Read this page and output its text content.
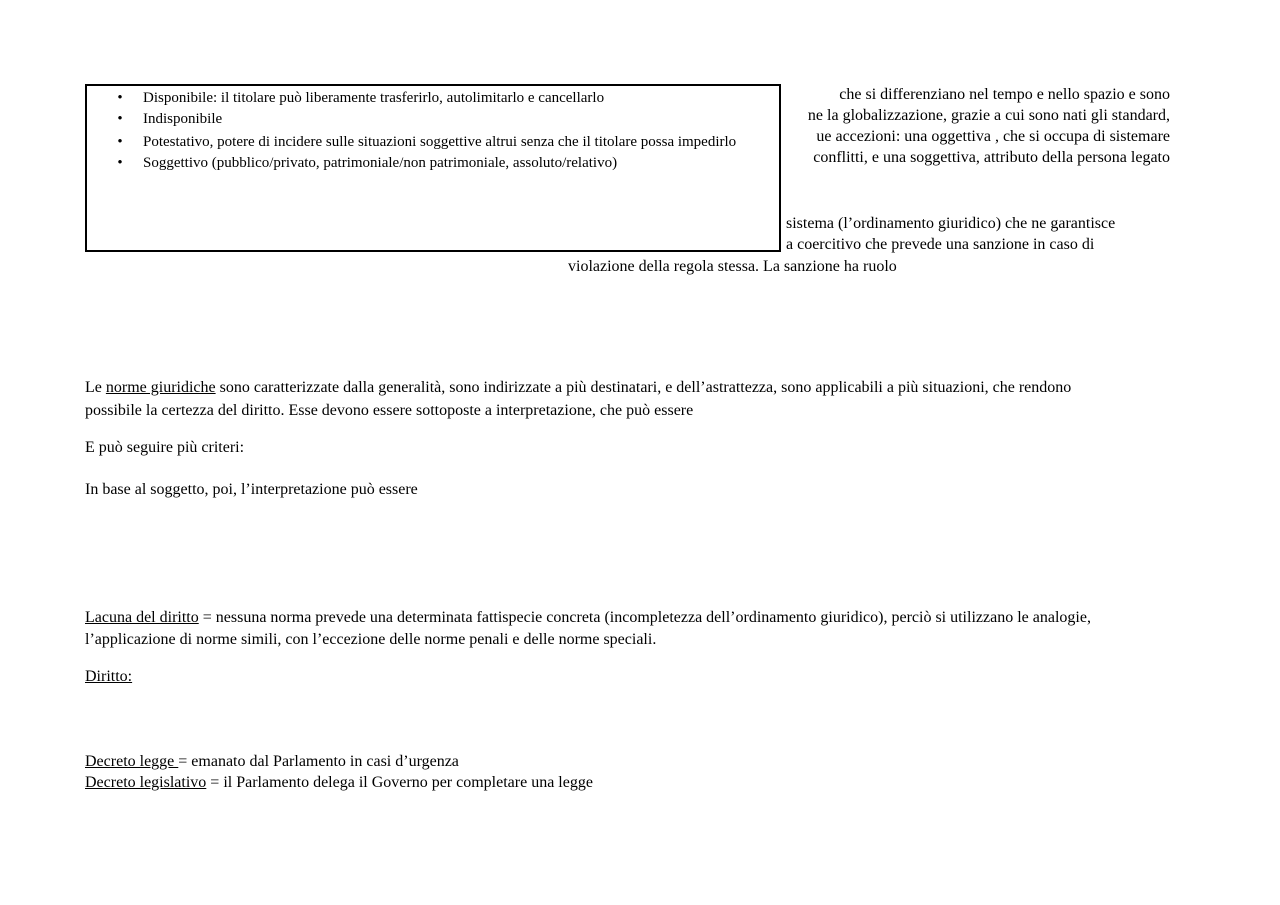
che si differenziano nel tempo e nello spazio e sono
ne la globalizzazione, grazie a cui sono nati gli standard,
ue accezioni: una oggettiva , che si occupa di sistemare
conflitti, e una soggettiva, attributo della persona legato
sistema (l’ordinamento giuridico) che ne garantisce
a coercitivo che prevede una sanzione in caso di
violazione della regola stessa. La sanzione ha ruolo
• Disponibile: il titolare può liberamente trasferirlo, autolimitarlo e cancellarlo
• Indisponibile
• Potestativo, potere di incidere sulle situazioni soggettive altrui senza che il titolare possa impedirlo
• Soggettivo (pubblico/privato, patrimoniale/non patrimoniale, assoluto/relativo)
Le norme giuridiche sono caratterizzate dalla generalità, sono indirizzate a più destinatari, e dell’astrattezza, sono applicabili a più situazioni, che rendono
possibile la certezza del diritto. Esse devono essere sottoposte a interpretazione, che può essere
E può seguire più criteri:
In base al soggetto, poi, l’interpretazione può essere
Lacuna del diritto = nessuna norma prevede una determinata fattispecie concreta (incompletezza dell’ordinamento giuridico), perciò si utilizzano le analogie,
l’applicazione di norme simili, con l’eccezione delle norme penali e delle norme speciali.
Diritto:
Decreto legge = emanato dal Parlamento in casi d’urgenza
Decreto legislativo = il Parlamento delega il Governo per completare una legge
